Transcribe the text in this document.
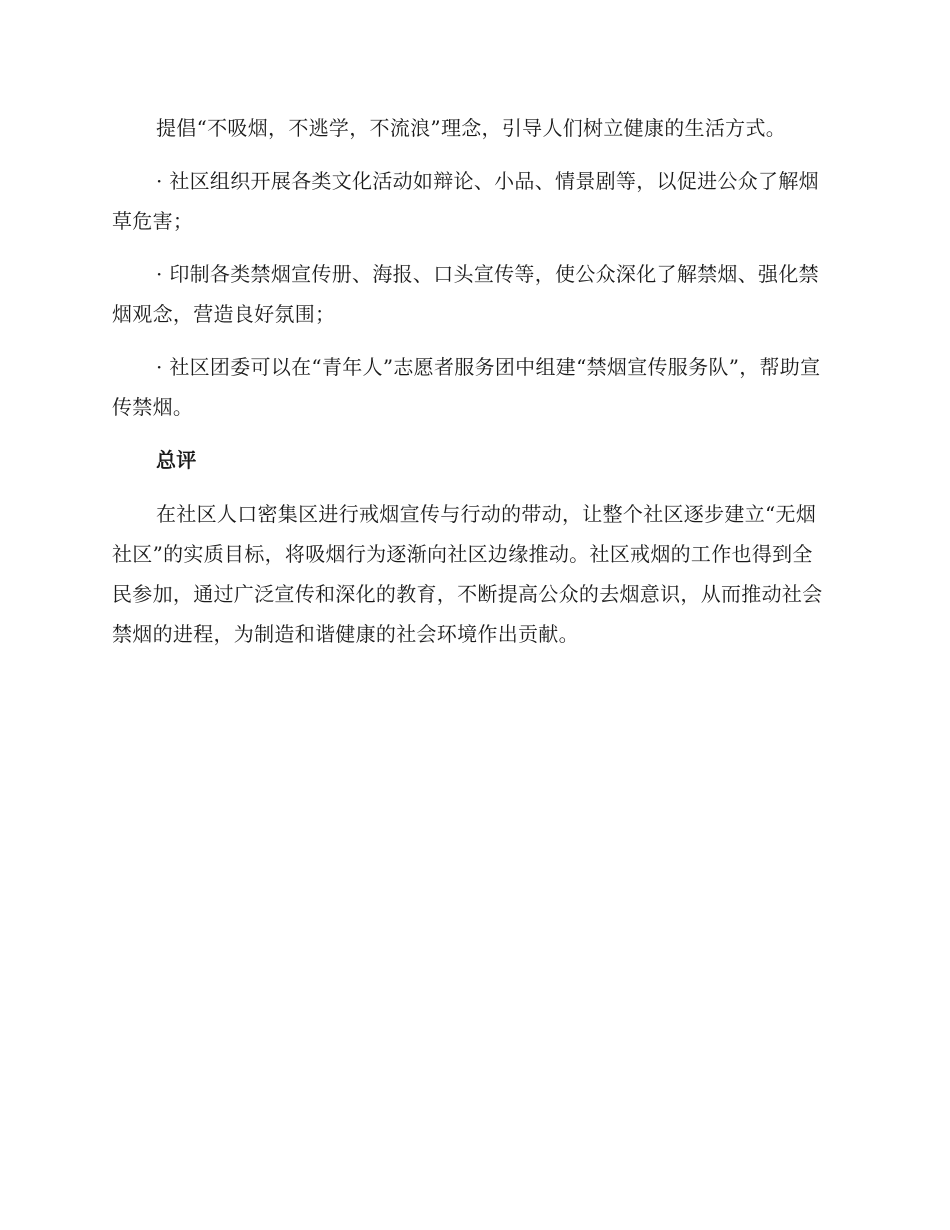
提倡“不吸烟，不逃学，不流浪”理念，引导人们树立健康的生活方式。

· 社区组织开展各类文化活动如辩论、小品、情景剧等，以促进公众了解烟草危害；

· 印制各类禁烟宣传册、海报、口头宣传等，使公众深化了解禁烟、强化禁烟观念，营造良好氛围；

· 社区团委可以在“青年人”志愿者服务团中组建“禁烟宣传服务队”，帮助宣传禁烟。

总评

在社区人口密集区进行戒烟宣传与行动的带动，让整个社区逐步建立“无烟社区”的实质目标，将吸烟行为逐渐向社区边缘推动。社区戒烟的工作也得到全民参加，通过广泛宣传和深化的教育，不断提高公众的去烟意识，从而推动社会禁烟的进程，为制造和谐健康的社会环境作出贡献。
